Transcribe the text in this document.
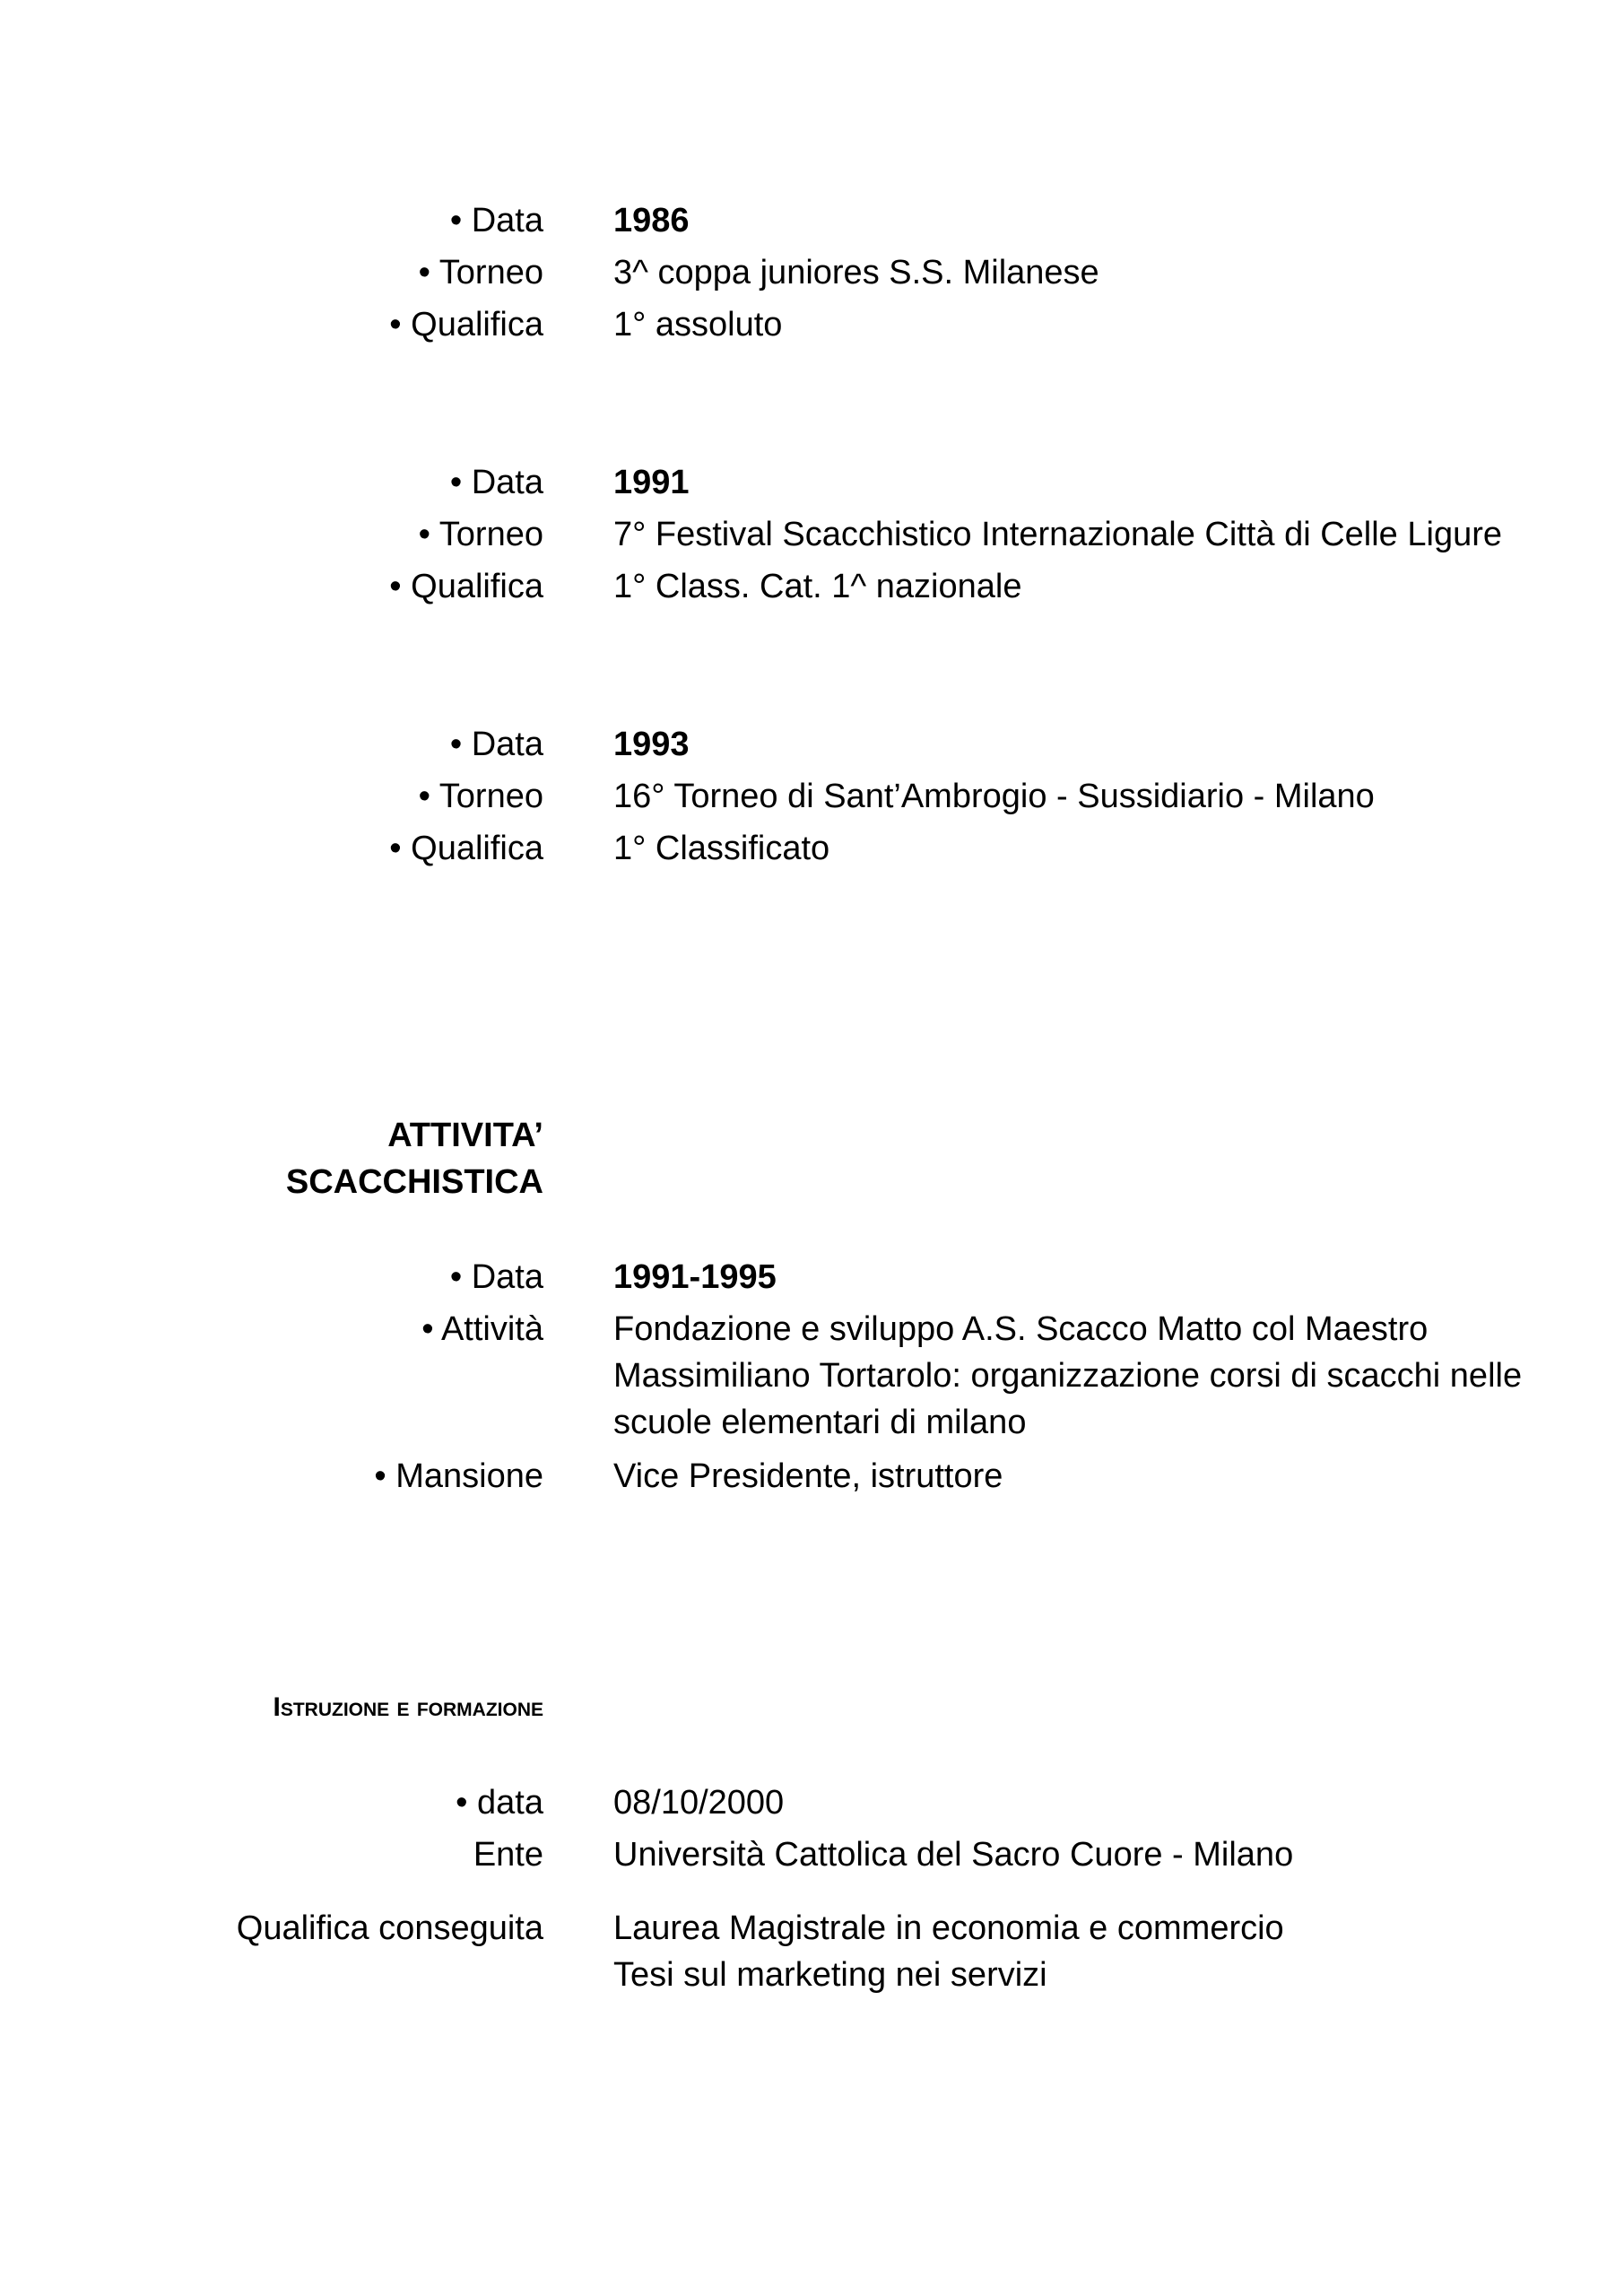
• Data 1986
• Torneo 3^ coppa juniores S.S. Milanese
• Qualifica 1° assoluto
• Data 1991
• Torneo 7° Festival Scacchistico Internazionale Città di Celle Ligure
• Qualifica 1° Class. Cat. 1^ nazionale
• Data 1993
• Torneo 16° Torneo di Sant’Ambrogio - Sussidiario - Milano
• Qualifica 1° Classificato
ATTIVITA’
SCACCHISTICA
• Data 1991-1995
• Attività Fondazione e sviluppo A.S. Scacco Matto col Maestro Massimiliano Tortarolo: organizzazione corsi di scacchi nelle scuole elementari di milano
• Mansione Vice Presidente, istruttore
Istruzione e formazione
• data 08/10/2000
Ente Università Cattolica del Sacro Cuore - Milano
Qualifica conseguita Laurea Magistrale in economia e commercio
Tesi sul marketing nei servizi
